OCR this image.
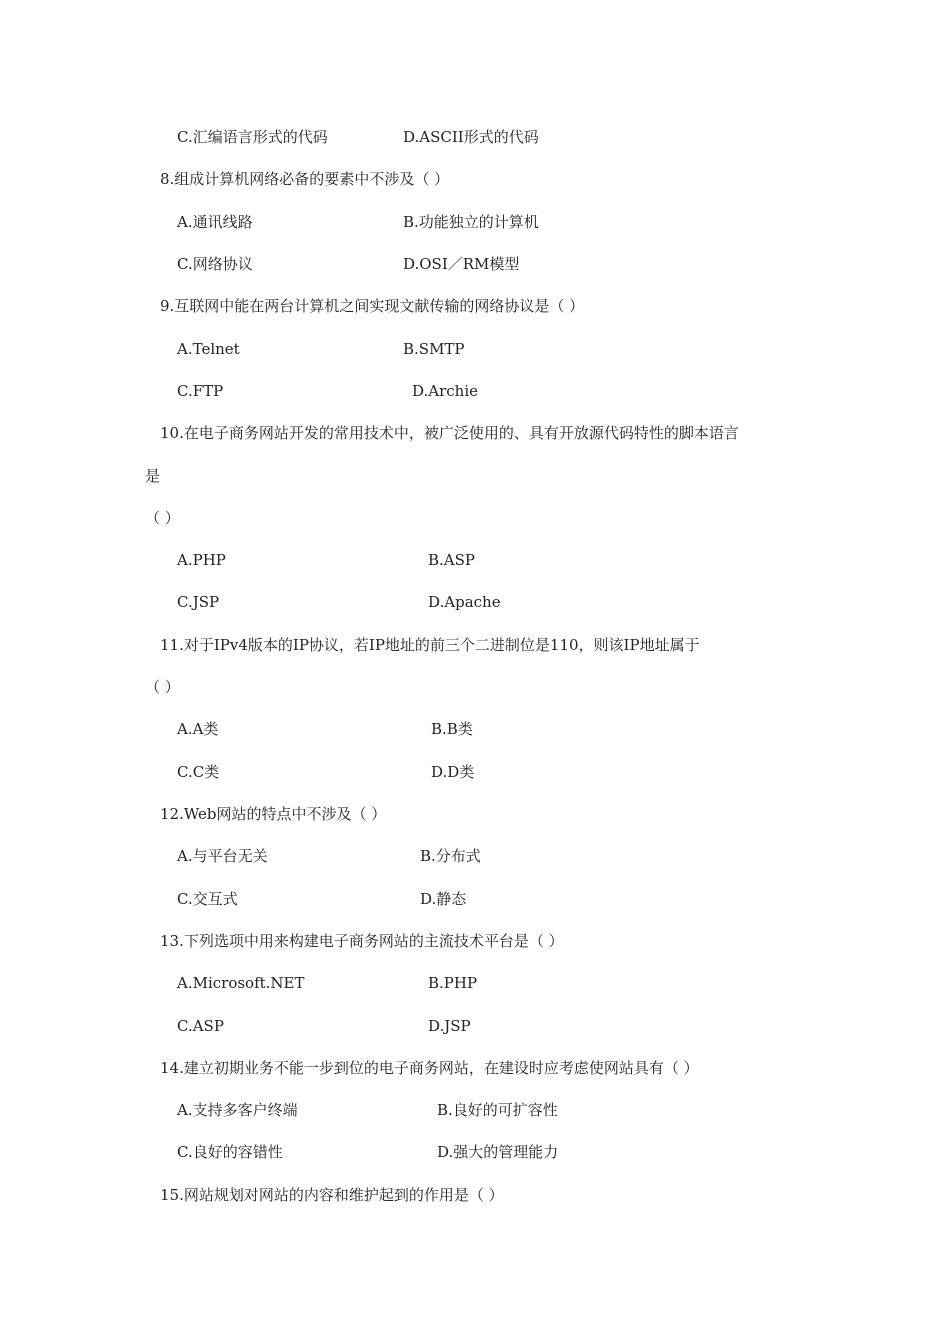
C.汇编语言形式的代码	D.ASCII形式的代码
8.组成计算机网络必备的要素中不涉及（ ）
A.通讯线路	B.功能独立的计算机
C.网络协议	D.OSI／RM模型
9.互联网中能在两台计算机之间实现文献传输的网络协议是（ ）
A.Telnet	B.SMTP
C.FTP	D.Archie
10.在电子商务网站开发的常用技术中，被广泛使用的、具有开放源代码特性的脚本语言
是
（ ）
A.PHP	B.ASP
C.JSP	D.Apache
11.对于IPv4版本的IP协议，若IP地址的前三个二进制位是110，则该IP地址属于
（ ）
A.A类	B.B类
C.C类	D.D类
12.Web网站的特点中不涉及（ ）
A.与平台无关	B.分布式
C.交互式	D.静态
13.下列选项中用来构建电子商务网站的主流技术平台是（ ）
A.Microsoft.NET	B.PHP
C.ASP	D.JSP
14.建立初期业务不能一步到位的电子商务网站，在建设时应考虑使网站具有（ ）
A.支持多客户终端	B.良好的可扩容性
C.良好的容错性	D.强大的管理能力
15.网站规划对网站的内容和维护起到的作用是（ ）
